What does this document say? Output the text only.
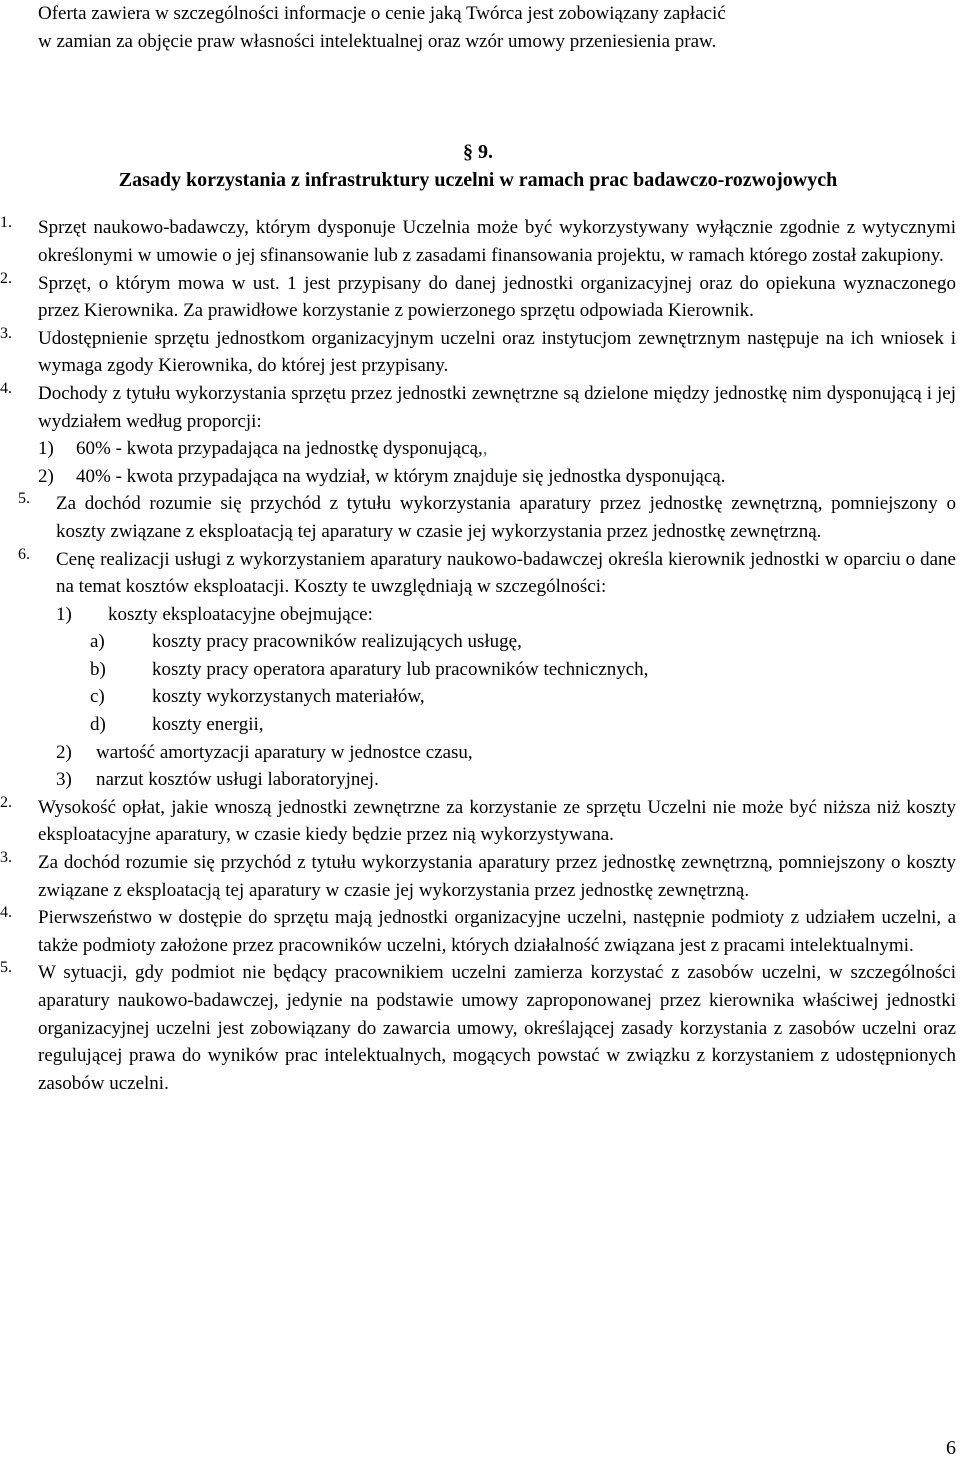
Oferta zawiera w szczególności informacje o cenie jaką Twórca jest zobowiązany zapłacić
w zamian za objęcie praw własności intelektualnej oraz wzór umowy przeniesienia praw.

§ 9.
Zasady korzystania z infrastruktury uczelni w ramach prac badawczo-rozwojowych
1.	Sprzęt naukowo-badawczy, którym dysponuje Uczelnia może być wykorzystywany wyłącznie zgodnie z wytycznymi określonymi w umowie o jej sfinansowanie lub z zasadami finansowania projektu, w ramach którego został zakupiony.

2.	Sprzęt, o którym mowa w ust. 1 jest przypisany do danej jednostki organizacyjnej oraz do opiekuna wyznaczonego przez Kierownika. Za prawidłowe korzystanie z powierzonego sprzętu odpowiada Kierownik.

3.	Udostępnienie sprzętu jednostkom organizacyjnym uczelni oraz instytucjom zewnętrznym następuje na ich wniosek i wymaga zgody Kierownika, do której jest przypisany.

4.	Dochody z tytułu wykorzystania sprzętu przez jednostki zewnętrzne są dzielone między jednostkę nim dysponującą i jej wydziałem według proporcji:

1) 60% - kwota przypadająca na jednostkę dysponującą,,

2) 40% - kwota przypadająca na wydział, w którym znajduje się jednostka dysponującą.

5.	Za dochód rozumie się przychód z tytułu wykorzystania aparatury przez jednostkę zewnętrzną, pomniejszony o koszty związane z eksploatacją tej aparatury w czasie jej wykorzystania przez jednostkę zewnętrzną.

6.	Cenę realizacji usługi z wykorzystaniem aparatury naukowo-badawczej określa kierownik jednostki w oparciu o dane na temat kosztów eksploatacji. Koszty te uwzględniają w szczególności:

1) koszty eksploatacyjne obejmujące:

a) koszty pracy pracowników realizujących usługę,

b) koszty pracy operatora aparatury lub pracowników technicznych,

c) koszty wykorzystanych materiałów,

d) koszty energii,

2) wartość amortyzacji aparatury w jednostce czasu,

3) narzut kosztów usługi laboratoryjnej.

2.	Wysokość opłat, jakie wnoszą jednostki zewnętrzne za korzystanie ze sprzętu Uczelni nie może być niższa niż koszty eksploatacyjne aparatury, w czasie kiedy będzie przez nią wykorzystywana.

3.	Za dochód rozumie się przychód z tytułu wykorzystania aparatury przez jednostkę zewnętrzną, pomniejszony o koszty związane z eksploatacją tej aparatury w czasie jej wykorzystania przez jednostkę zewnętrzną.

4.	Pierwszeństwo w dostępie do sprzętu mają jednostki organizacyjne uczelni, następnie podmioty z udziałem uczelni, a także podmioty założone przez pracowników uczelni, których działalność związana jest z pracami intelektualnymi.

5.	W sytuacji, gdy podmiot nie będący pracownikiem uczelni zamierza korzystać z zasobów uczelni, w szczególności aparatury naukowo-badawczej, jedynie na podstawie umowy zaproponowanej przez kierownika właściwej jednostki organizacyjnej uczelni jest zobowiązany do zawarcia umowy, określającej zasady korzystania z zasobów uczelni oraz regulującej prawa do wyników prac intelektualnych, mogących powstać w związku z korzystaniem z udostępnionych zasobów uczelni.

6
